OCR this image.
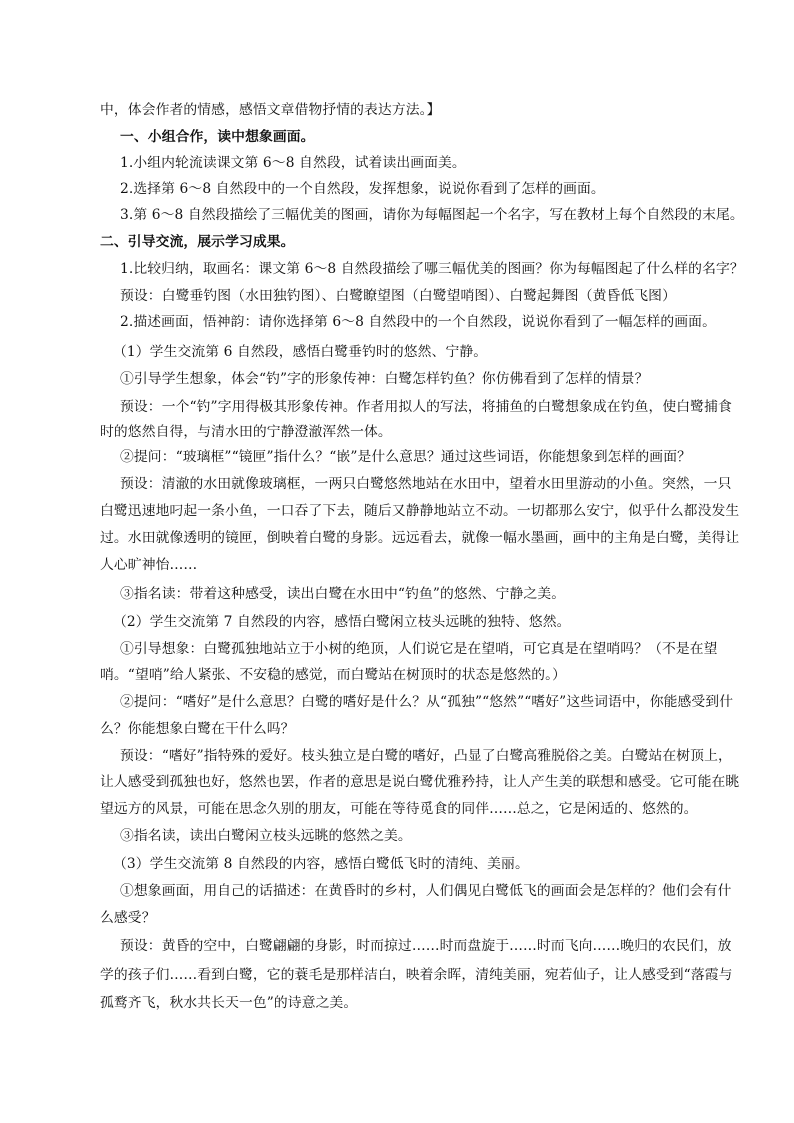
中，体会作者的情感，感悟文章借物抒情的表达方法。】
一、小组合作，读中想象画面。
1.小组内轮流读课文第 6～8 自然段，试着读出画面美。
2.选择第 6～8 自然段中的一个自然段，发挥想象，说说你看到了怎样的画面。
3.第 6～8 自然段描绘了三幅优美的图画，请你为每幅图起一个名字，写在教材上每个自然段的末尾。
二、引导交流，展示学习成果。
1.比较归纳，取画名：课文第 6～8 自然段描绘了哪三幅优美的图画？你为每幅图起了什么样的名字？
预设：白鹭垂钓图（水田独钓图）、白鹭瞭望图（白鹭望哨图）、白鹭起舞图（黄昏低飞图）
2.描述画面，悟神韵：请你选择第 6～8 自然段中的一个自然段，说说你看到了一幅怎样的画面。
（1）学生交流第 6 自然段，感悟白鹭垂钓时的悠然、宁静。
①引导学生想象，体会“钓”字的形象传神：白鹭怎样钓鱼？你仿佛看到了怎样的情景？
预设：一个“钓”字用得极其形象传神。作者用拟人的写法，将捕鱼的白鹭想象成在钓鱼，使白鹭捕食
时的悠然自得，与清水田的宁静澄澈浑然一体。
②提问：“玻璃框”“镜匣”指什么？“嵌”是什么意思？通过这些词语，你能想象到怎样的画面？
预设：清澈的水田就像玻璃框，一两只白鹭悠然地站在水田中，望着水田里游动的小鱼。突然，一只
白鹭迅速地叼起一条小鱼，一口吞了下去，随后又静静地站立不动。一切都那么安宁，似乎什么都没发生
过。水田就像透明的镜匣，倒映着白鹭的身影。远远看去，就像一幅水墨画，画中的主角是白鹭，美得让
人心旷神怡……
③指名读：带着这种感受，读出白鹭在水田中“钓鱼”的悠然、宁静之美。
（2）学生交流第 7 自然段的内容，感悟白鹭闲立枝头远眺的独特、悠然。
①引导想象：白鹭孤独地站立于小树的绝顶，人们说它是在望哨，可它真是在望哨吗？（不是在望
哨。“望哨”给人紧张、不安稳的感觉，而白鹭站在树顶时的状态是悠然的。）
②提问：“嗜好”是什么意思？白鹭的嗜好是什么？从“孤独”“悠然”“嗜好”这些词语中，你能感受到什
么？你能想象白鹭在干什么吗？
预设：“嗜好”指特殊的爱好。枝头独立是白鹭的嗜好，凸显了白鹭高雅脱俗之美。白鹭站在树顶上，
让人感受到孤独也好，悠然也罢，作者的意思是说白鹭优雅矜持，让人产生美的联想和感受。它可能在眺
望远方的风景，可能在思念久别的朋友，可能在等待觅食的同伴……总之，它是闲适的、悠然的。
③指名读，读出白鹭闲立枝头远眺的悠然之美。
（3）学生交流第 8 自然段的内容，感悟白鹭低飞时的清纯、美丽。
①想象画面，用自己的话描述：在黄昏时的乡村，人们偶见白鹭低飞的画面会是怎样的？他们会有什
么感受？
预设：黄昏的空中，白鹭翩翩的身影，时而掠过……时而盘旋于……时而飞向……晚归的农民们，放
学的孩子们……看到白鹭，它的蓑毛是那样洁白，映着余晖，清纯美丽，宛若仙子，让人感受到“落霞与
孤鹜齐飞，秋水共长天一色”的诗意之美。
